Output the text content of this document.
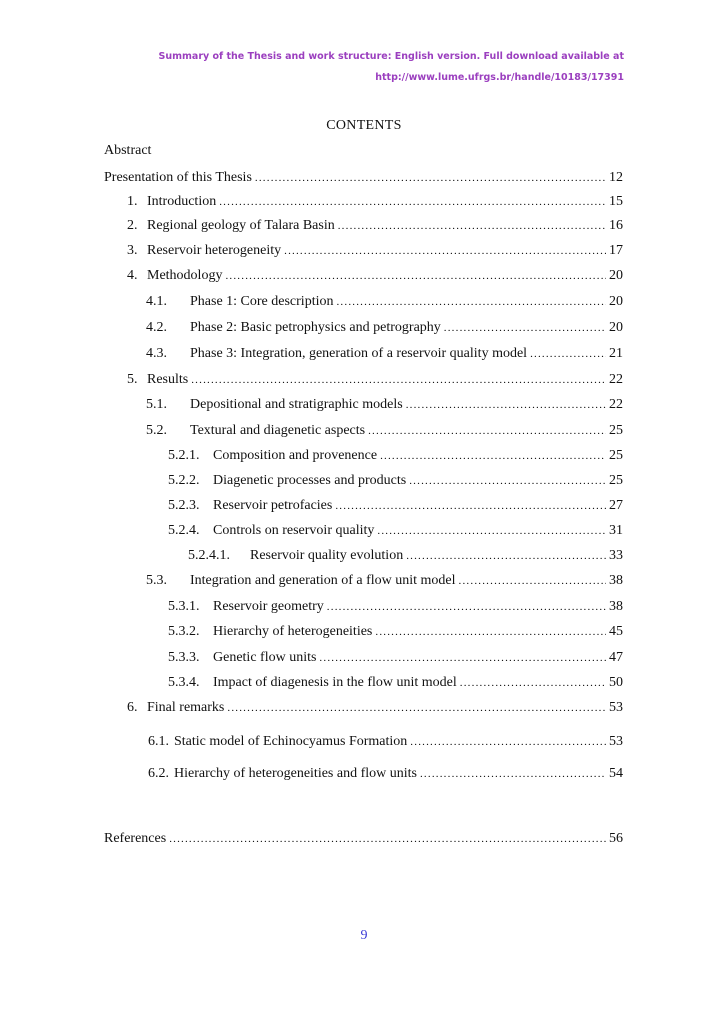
Summary of the Thesis and work structure: English version. Full download available at
http://www.lume.ufrgs.br/handle/10183/17391
CONTENTS
Abstract
Presentation of this Thesis .....	12
1. Introduction .....	15
2. Regional geology of Talara Basin .....	16
3. Reservoir heterogeneity .....	17
4. Methodology .....	20
4.1.	Phase 1: Core description .....	20
4.2.	Phase 2: Basic petrophysics and petrography .....	20
4.3.	Phase 3: Integration, generation of a reservoir quality model .....	21
5. Results .....	22
5.1.	Depositional and stratigraphic models .....	22
5.2.	Textural and diagenetic aspects .....	25
5.2.1. Composition and provenence .....	25
5.2.2. Diagenetic processes and products .....	25
5.2.3. Reservoir petrofacies .....	27
5.2.4. Controls on reservoir quality .....	31
5.2.4.1.	Reservoir quality evolution .....	33
5.3.	Integration and generation of a flow unit model .....	38
5.3.1. Reservoir geometry .....	38
5.3.2. Hierarchy of heterogeneities .....	45
5.3.3. Genetic flow units .....	47
5.3.4. Impact of diagenesis in the flow unit model .....	50
6. Final remarks .....	53
6.1. Static model of Echinocyamus Formation .....	53
6.2. Hierarchy of heterogeneities and flow units .....	54
References .....	56
9
